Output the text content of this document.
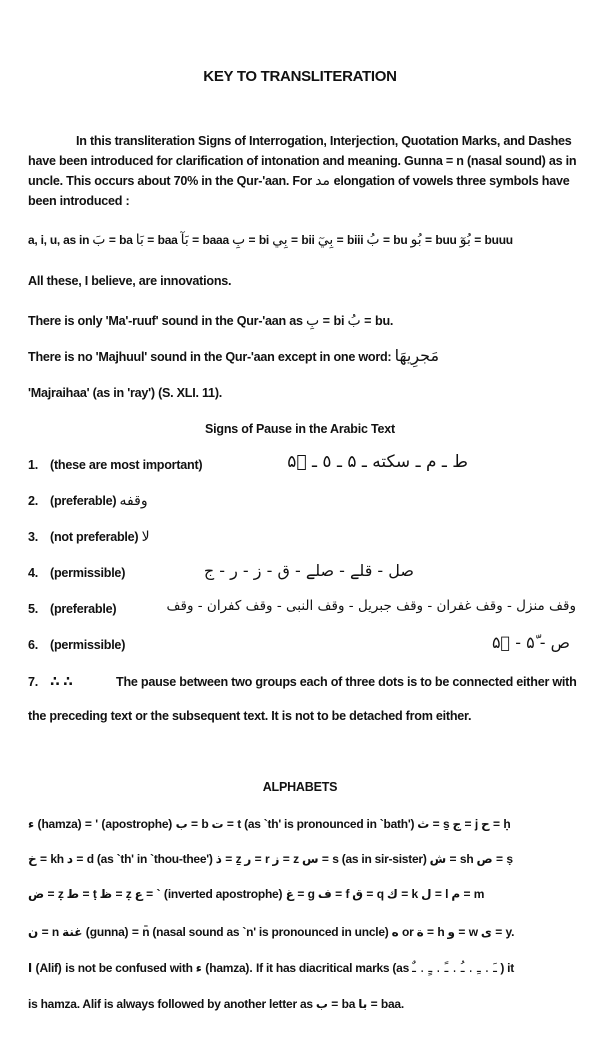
KEY TO TRANSLITERATION
In this transliteration Signs of Interrogation, Interjection, Quotation Marks, and Dashes
have been introduced for clarification of intonation and meaning. Gunna = n (nasal sound) as in
uncle. This occurs about 70% in the Qur-'aan. For مد elongation of vowels three symbols have
been introduced :
a, i, u, as in بَ = ba بَا = baa بَآ = baaa بِ = bi بِي = bii بِيٓ = biii بُ = bu بُو = buu بُوٓ = buuu
All these, I believe, are innovations.
There is only 'Ma'-ruuf' sound in the Qur-'aan as بِ = bi بُ = bu.
There is no 'Majhuul' sound in the Qur-'aan except in one word: مَجرِيهَا
'Majraihaa' (as in 'ray') (S. XLI. 11).
Signs of Pause in the Arabic Text
1. (these are most important)	ط ـ م ـ سكته ـ ۵ ـ ٥ ـ ۵ۜ
2. (preferable) وقفه
3. (not preferable) لا
4. (permissible)	صل - قلے - صلے - ق - ز - ر - ج
5. (preferable)	وقف منزل - وقف غفران - وقف جبريل - وقف النبی - وقف کفران - وقف
6. (permissible)	ص - ۵ّ - ۵ۛ
7. ∴ ∴	The pause between two groups each of three dots is to be connected either with
the preceding text or the subsequent text. It is not to be detached from either.
ALPHABETS
ء (hamza) = ' (apostrophe) ب = b ت = t (as `th' is pronounced in `bath') ث = s̱ ج = j ح = ḥ
خ = kh د = d (as `th' in `thou-thee') ذ = ẕ ر = r ز = z س = s (as in sir-sister) ش = sh ص = ṣ
ض = ẓ ط = ṭ ظ = ẓ ع = ` (inverted apostrophe) غ = g ف = f ق = q ك = k ل = l م = m
ن = n غنة (gunna) = n̄ (nasal sound as `n' is pronounced in uncle) ه or ة = h و = w ى = y.
ا (Alif) is not be confused with ء (hamza). If it has diacritical marks (as ـَ . ـِ . ـُ . ـً . ـٍ . ـٌ ) it
is hamza. Alif is always followed by another letter as ب = ba با = baa.
